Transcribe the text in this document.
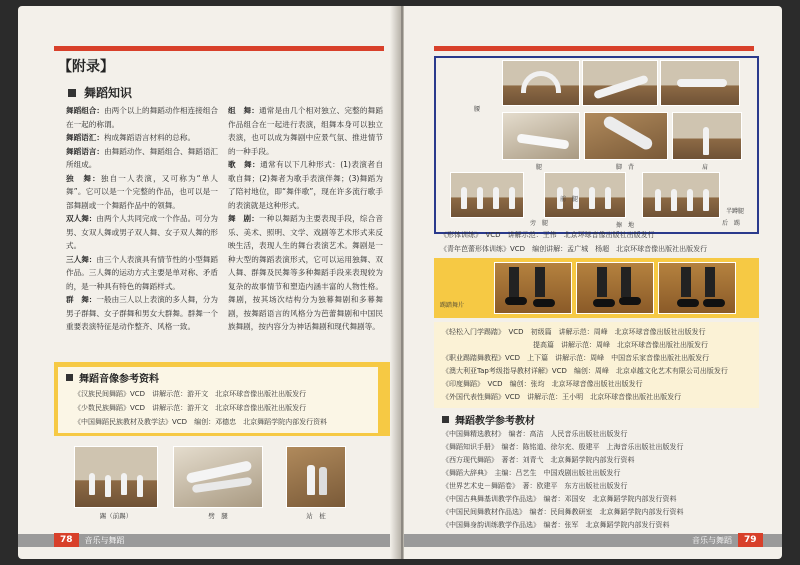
【附录】
舞蹈知识

舞蹈组合：由两个以上的舞蹈动作相连接组合在一起的称谓。

舞蹈语汇：构成舞蹈语言材料的总称。

舞蹈语言：由舞蹈动作、舞蹈组合、舞蹈语汇所组成。

独　舞：独自一人表演，又可称为“单人舞”。它可以是一个完整的作品，也可以是一部舞剧或一个舞蹈作品中的领舞。

双人舞：由两个人共同完成一个作品。可分为男、女双人舞或男子双人舞、女子双人舞的形式。

三人舞：由三个人表演具有情节性的小型舞蹈作品。三人舞的运动方式主要是单对称、矛盾的，是一种具有特色的舞蹈样式。

群　舞：一般由三人以上表演的多人舞，分为男子群舞、女子群舞和男女大群舞。群舞一个重要表演特征是动作整齐、风格一致。

组　舞：通常是由几个相对独立、完整的舞蹈作品组合在一起进行表演，组舞本身可以独立表演，也可以成为舞剧中应景气氛、推进情节的一种手段。

歌　舞：通常有以下几种形式：(1)表演者自歌自舞；(2)舞者为歌手表演伴舞；(3)舞蹈为了陪衬地位，即“舞伴歌”，现在许多流行歌手的表演就是这种形式。

舞　剧：一种以舞蹈为主要表现手段，综合音乐、美术、照明、文学、戏剧等艺术形式来反映生活，表现人生的舞台表演艺术。舞剧是一种大型的舞蹈表演形式，它可以运用独舞、双人舞、群舞及民舞等多种舞蹈手段来表现较为复杂的故事情节和塑造内涵丰富的人物性格。舞剧，按其场次结构分为独幕舞剧和多幕舞剧，按舞蹈语言的风格分为芭蕾舞剧和中国民族舞剧，按内容分为神话舞剧和现代舞剧等。

舞蹈音像参考资料
《汉族民间舞蹈》VCD　讲解示范：游开文　北京环球音像出版社出版发行
《少数民族舞蹈》VCD　讲解示范：游开文　北京环球音像出版社出版发行
《中国舞蹈民族教材及教学法》VCD　编创：邓德忠　北京舞蹈学院内部发行资料
踢（前踢）	劈　腿	站　桩
78	音乐与舞蹈
腰
腿	脚　背	肩
旁　腿
前　腿
擦　地	后　踢
半蹲腿
《形体训练》　VCD　讲解示范：王伟　北京环球音像出版社出版发行
《青年芭蕾形体训练》VCD　编创讲解：孟广城　杨超　北京环球音像出版社出版发行
踢踏舞片
《轻松入门学踢踏》　VCD　初级篇　讲解示范：周峰　北京环球音像出版社出版发行
　　　　　　　　　　　　　提高篇　讲解示范：周峰　北京环球音像出版社出版发行
《职业踢踏舞教程》VCD　上下篇　讲解示范：周峰　中国音乐家音像出版社出版发行
《澳大利亚Tap考级指导教材详解》VCD　编创：周峰　北京卓越文化艺术有限公司出版发行
《印度舞蹈》　VCD　编创：张均　北京环球音像出版社出版发行
《外国代表性舞蹈》VCD　讲解示范：王小明　北京环球音像出版社出版发行
舞蹈教学参考教材
《中国舞精选教材》　编者：高洁　人民音乐出版社出版发行
《舞蹈知识手册》　编者：陈铭道、徐尔充、殷建平　上海音乐出版社出版发行
《西方现代舞蹈》　著者：刘青弋　北京舞蹈学院内部发行资料
《舞蹈大辞典》　主编：吕艺生　中国戏剧出版社出版发行
《世界艺术史－舞蹈卷》　著：欧建平　东方出版社出版发行
《中国古典舞基训教学作品选》　编者：邓国安　北京舞蹈学院内部发行资料
《中国民间舞教材作品选》　编者：民间舞教研室　北京舞蹈学院内部发行资料
《中国舞身韵训练教学作品选》　编者：张军　北京舞蹈学院内部发行资料
音乐与舞蹈	79
